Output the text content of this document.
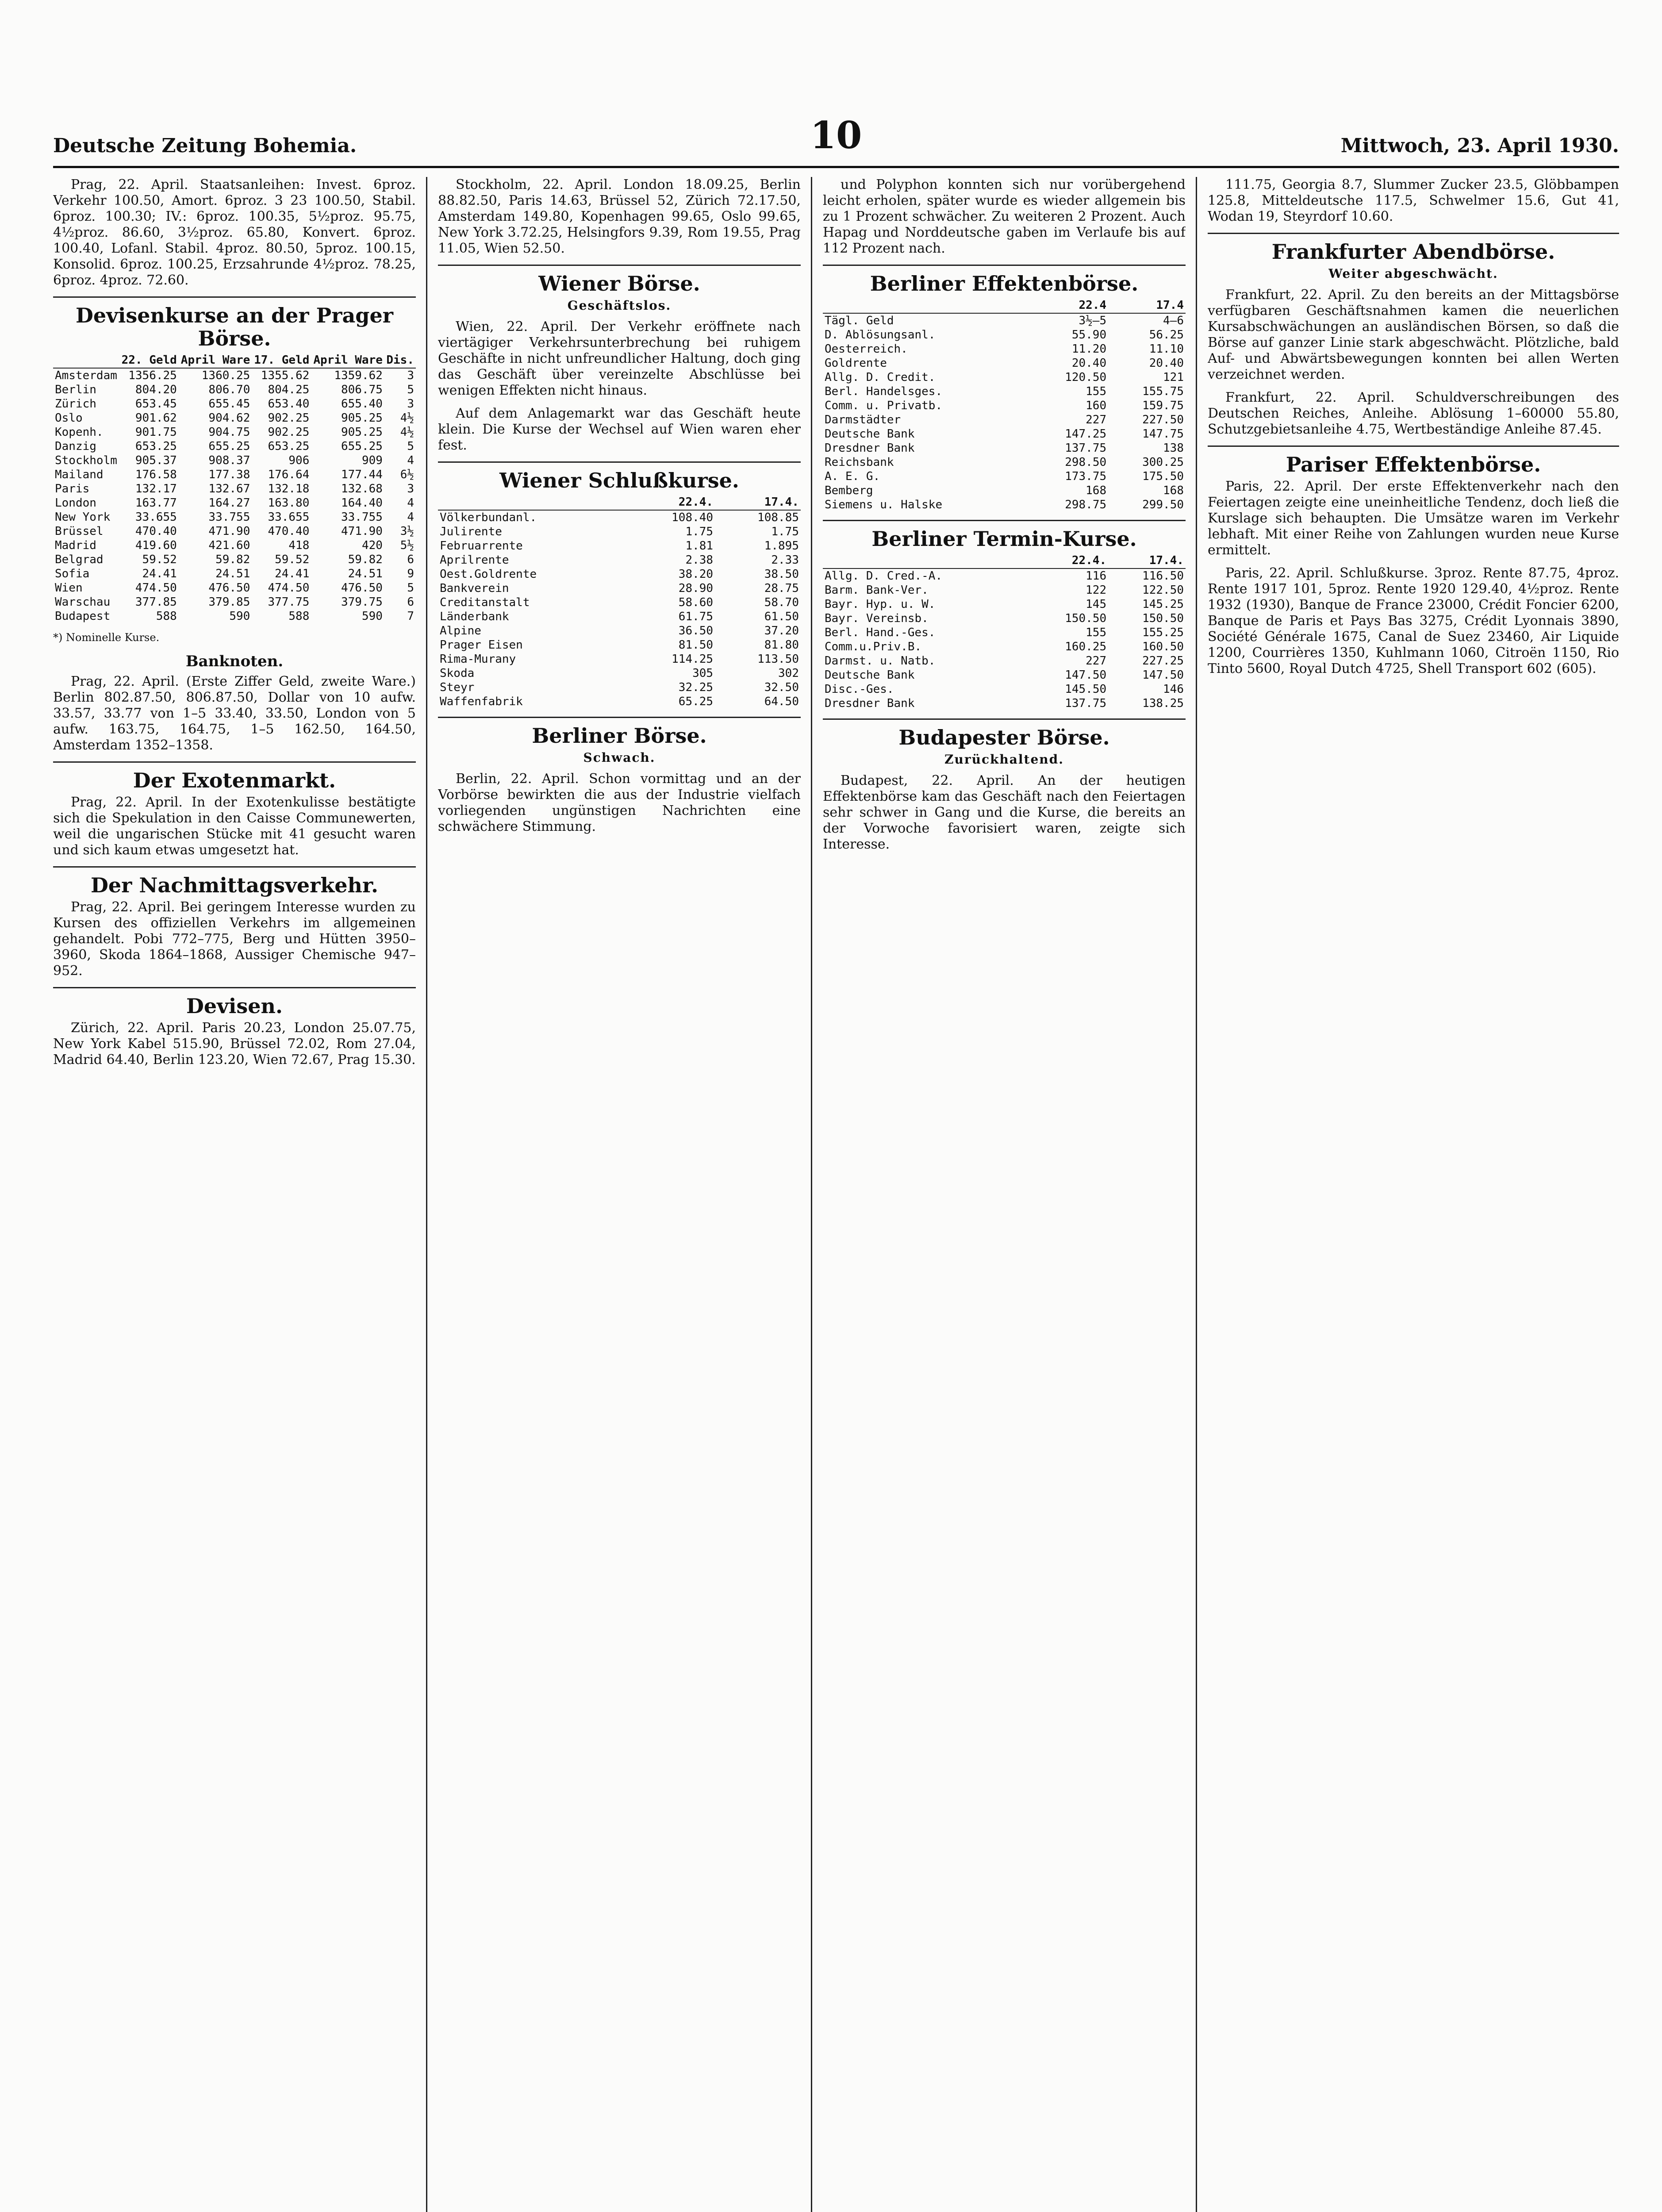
Deutsche Zeitung Bohemia.	10	Mittwoch, 23. April 1930.

Prag, 22. April. Staatsanleihen: Invest. 6proz. Verkehr 100.50, Amort. 6proz. 3 23 100.50, Stabil. 6proz. 100.30; IV.: 6proz. 100.35, 5½proz. 95.75, 4½proz. 86.60, 3½proz. 65.80, Konvert. 6proz. 100.40, Lofanl. Stabil. 4proz. 80.50, 5proz. 100.15, Konsolid. 6proz. 100.25, Erzsahrunde 4½proz. 78.25, 6proz. 4proz. 72.60.

Devisenkurse an der Prager Börse.
	22. Geld	April Ware	17. Geld	April Ware	Dis.
Amsterdam	1356.25	1360.25	1355.62	1359.62	3
Berlin	804.20	806.70	804.25	806.75	5
Zürich	653.45	655.45	653.40	655.40	3
Oslo	901.62	904.62	902.25	905.25	4½
Kopenh.	901.75	904.75	902.25	905.25	4½
Danzig	653.25	655.25	653.25	655.25	5
Stockholm	905.37	908.37	906	909	4
Mailand	176.58	177.38	176.64	177.44	6½
Paris	132.17	132.67	132.18	132.68	3
London	163.77	164.27	163.80	164.40	4
New York	33.655	33.755	33.655	33.755	4
Brüssel	470.40	471.90	470.40	471.90	3½
Madrid	419.60	421.60	418	420	5½
Belgrad	59.52	59.82	59.52	59.82	6
Sofia	24.41	24.51	24.41	24.51	9
Wien	474.50	476.50	474.50	476.50	5
Warschau	377.85	379.85	377.75	379.75	6
Budapest	588	590	588	590	7
*) Nominelle Kurse.
Banknoten.

Prag, 22. April. (Erste Ziffer Geld, zweite Ware.) Berlin 802.87.50, 806.87.50, Dollar von 10 aufw. 33.57, 33.77 von 1–5 33.40, 33.50, London von 5 aufw. 163.75, 164.75, 1–5 162.50, 164.50, Amsterdam 1352–1358.

Der Exotenmarkt.

Prag, 22. April. In der Exotenkulisse bestätigte sich die Spekulation in den Caisse Communewerten, weil die ungarischen Stücke mit 41 gesucht waren und sich kaum etwas umgesetzt hat.

Der Nachmittagsverkehr.

Prag, 22. April. Bei geringem Interesse wurden zu Kursen des offiziellen Verkehrs im allgemeinen gehandelt. Pobi 772–775, Berg und Hütten 3950–3960, Skoda 1864–1868, Aussiger Chemische 947–952.

Devisen.

Zürich, 22. April. Paris 20.23, London 25.07.75, New York Kabel 515.90, Brüssel 72.02, Rom 27.04, Madrid 64.40, Berlin 123.20, Wien 72.67, Prag 15.30.

Stockholm, 22. April. London 18.09.25, Berlin 88.82.50, Paris 14.63, Brüssel 52, Zürich 72.17.50, Amsterdam 149.80, Kopenhagen 99.65, Oslo 99.65, New York 3.72.25, Helsingfors 9.39, Rom 19.55, Prag 11.05, Wien 52.50.

Wiener Börse.
Geschäftslos.

Wien, 22. April. Der Verkehr eröffnete nach viertägiger Verkehrsunterbrechung bei ruhigem Geschäfte in nicht unfreundlicher Haltung, doch ging das Geschäft über vereinzelte Abschlüsse bei wenigen Effekten nicht hinaus.

Auf dem Anlagemarkt war das Geschäft heute klein. Die Kurse der Wechsel auf Wien waren eher fest.

Wiener Schlußkurse.
	22.4.	17.4.
Völkerbundanl.	108.40	108.85
Julirente	1.75	1.75
Februarrente	1.81	1.895
Aprilrente	2.38	2.33
Oest.Goldrente	38.20	38.50
Bankverein	28.90	28.75
Creditanstalt	58.60	58.70
Länderbank	61.75	61.50
Alpine	36.50	37.20
Prager Eisen	81.50	81.80
Rima-Murany	114.25	113.50
Skoda	305	302
Steyr	32.25	32.50
Waffenfabrik	65.25	64.50
Berliner Börse.
Schwach.

Berlin, 22. April. Schon vormittag und an der Vorbörse bewirkten die aus der Industrie vielfach vorliegenden ungünstigen Nachrichten eine schwächere Stimmung.

und Polyphon konnten sich nur vorübergehend leicht erholen, später wurde es wieder allgemein bis zu 1 Prozent schwächer. Zu weiteren 2 Prozent. Auch Hapag und Norddeutsche gaben im Verlaufe bis auf 112 Prozent nach.

Berliner Effektenbörse.
	22.4	17.4
Tägl. Geld	3½–5	4–6
D. Ablösungsanl.	55.90	56.25
Oesterreich.	11.20	11.10
Goldrente	20.40	20.40
Allg. D. Credit.	120.50	121
Berl. Handelsges.	155	155.75
Comm. u. Privatb.	160	159.75
Darmstädter	227	227.50
Deutsche Bank	147.25	147.75
Dresdner Bank	137.75	138
Reichsbank	298.50	300.25
A. E. G.	173.75	175.50
Bemberg	168	168
Siemens u. Halske	298.75	299.50
Berliner Termin-Kurse.
	22.4.	17.4.
Allg. D. Cred.-A.	116	116.50
Barm. Bank-Ver.	122	122.50
Bayr. Hyp. u. W.	145	145.25
Bayr. Vereinsb.	150.50	150.50
Berl. Hand.-Ges.	155	155.25
Comm.u.Priv.B.	160.25	160.50
Darmst. u. Natb.	227	227.25
Deutsche Bank	147.50	147.50
Disc.-Ges.	145.50	146
Dresdner Bank	137.75	138.25
Budapester Börse.
Zurückhaltend.

Budapest, 22. April. An der heutigen Effektenbörse kam das Geschäft nach den Feiertagen sehr schwer in Gang und die Kurse, die bereits an der Vorwoche favorisiert waren, zeigte sich Interesse.

111.75, Georgia 8.7, Slummer Zucker 23.5, Glöbbampen 125.8, Mitteldeutsche 117.5, Schwelmer 15.6, Gut 41, Wodan 19, Steyrdorf 10.60.

Frankfurter Abendbörse.
Weiter abgeschwächt.

Frankfurt, 22. April. Zu den bereits an der Mittagsbörse verfügbaren Geschäftsnahmen kamen die neuerlichen Kursabschwächungen an ausländischen Börsen, so daß die Börse auf ganzer Linie stark abgeschwächt. Plötzliche, bald Auf- und Abwärtsbewegungen konnten bei allen Werten verzeichnet werden.

Frankfurt, 22. April. Schuldverschreibungen des Deutschen Reiches, Anleihe. Ablösung 1–60000 55.80, Schutzgebietsanleihe 4.75, Wertbeständige Anleihe 87.45.

Pariser Effektenbörse.

Paris, 22. April. Der erste Effektenverkehr nach den Feiertagen zeigte eine uneinheitliche Tendenz, doch ließ die Kurslage sich behaupten. Die Umsätze waren im Verkehr lebhaft. Mit einer Reihe von Zahlungen wurden neue Kurse ermittelt.

Paris, 22. April. Schlußkurse. 3proz. Rente 87.75, 4proz. Rente 1917 101, 5proz. Rente 1920 129.40, 4½proz. Rente 1932 (1930), Banque de France 23000, Crédit Foncier 6200, Banque de Paris et Pays Bas 3275, Crédit Lyonnais 3890, Société Générale 1675, Canal de Suez 23460, Air Liquide 1200, Courrières 1350, Kuhlmann 1060, Citroën 1150, Rio Tinto 5600, Royal Dutch 4725, Shell Transport 602 (605).
